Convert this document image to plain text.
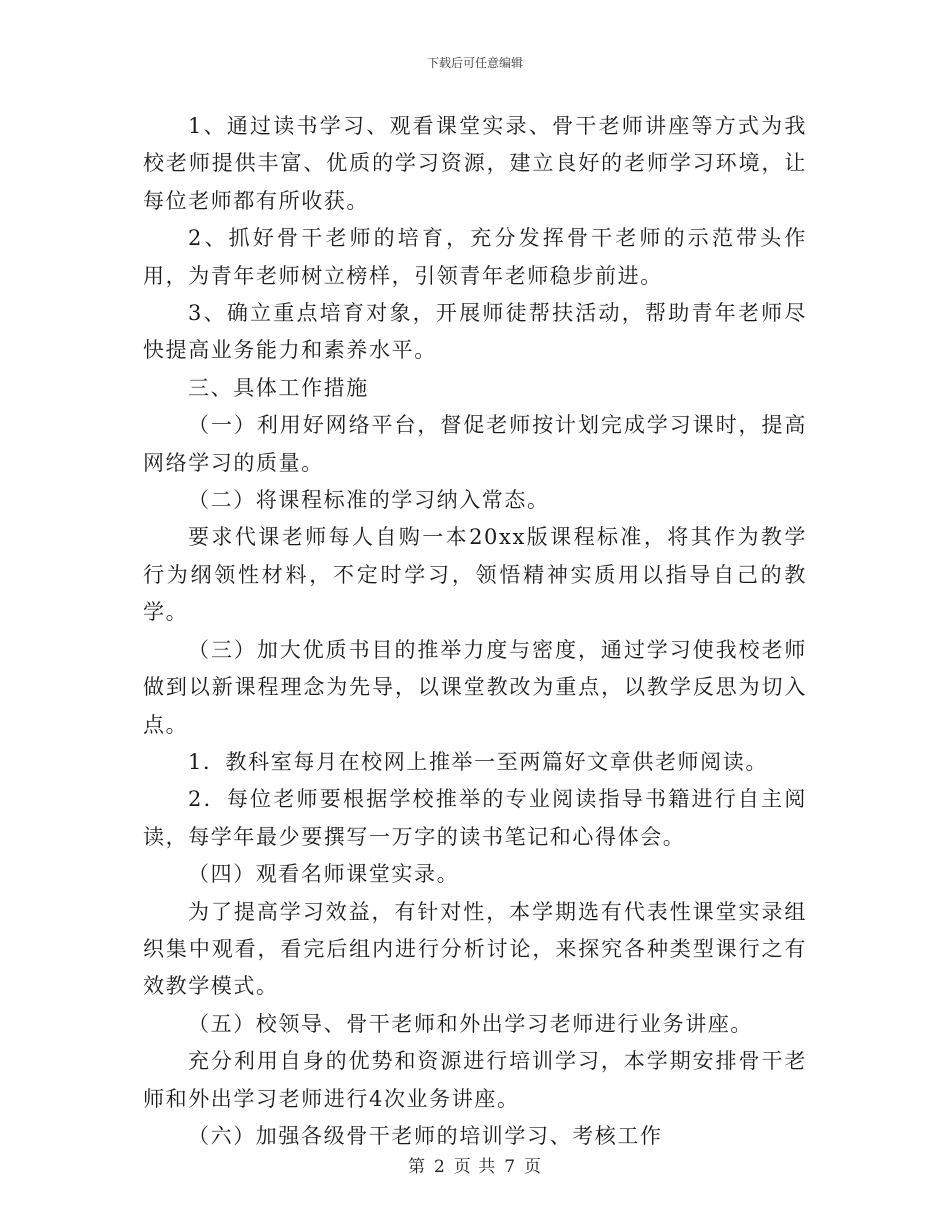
下载后可任意编辑

1、通过读书学习、观看课堂实录、骨干老师讲座等方式为我校老师提供丰富、优质的学习资源，建立良好的老师学习环境，让每位老师都有所收获。

2、抓好骨干老师的培育，充分发挥骨干老师的示范带头作用，为青年老师树立榜样，引领青年老师稳步前进。

3、确立重点培育对象，开展师徒帮扶活动，帮助青年老师尽快提高业务能力和素养水平。

三、具体工作措施

（一）利用好网络平台，督促老师按计划完成学习课时，提高网络学习的质量。

（二）将课程标准的学习纳入常态。

要求代课老师每人自购一本20xx版课程标准，将其作为教学行为纲领性材料，不定时学习，领悟精神实质用以指导自己的教学。

（三）加大优质书目的推举力度与密度，通过学习使我校老师做到以新课程理念为先导，以课堂教改为重点，以教学反思为切入点。

1．教科室每月在校网上推举一至两篇好文章供老师阅读。

2．每位老师要根据学校推举的专业阅读指导书籍进行自主阅读，每学年最少要撰写一万字的读书笔记和心得体会。

（四）观看名师课堂实录。

为了提高学习效益，有针对性，本学期选有代表性课堂实录组织集中观看，看完后组内进行分析讨论，来探究各种类型课行之有效教学模式。

（五）校领导、骨干老师和外出学习老师进行业务讲座。

充分利用自身的优势和资源进行培训学习，本学期安排骨干老师和外出学习老师进行4次业务讲座。

（六）加强各级骨干老师的培训学习、考核工作

第 2 页 共 7 页
